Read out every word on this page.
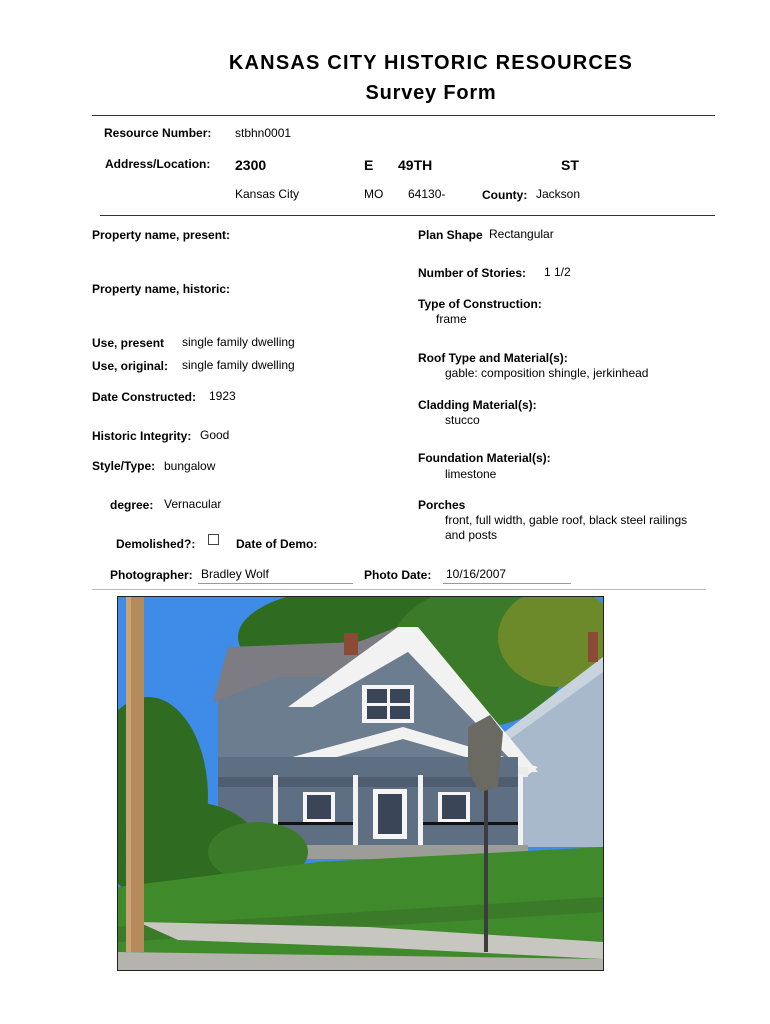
KANSAS CITY HISTORIC RESOURCES
Survey Form
Resource Number: stbhn0001
Address/Location: 2300	E 49TH	ST
Kansas City	MO 64130-	County: Jackson
Property name, present:
Property name, historic:
Use, present single family dwelling
Use, original: single family dwelling
Date Constructed: 1923
Historic Integrity: Good
Style/Type: bungalow
degree: Vernacular
Demolished?:	Date of Demo:
Photographer: Bradley Wolf
Plan Shape Rectangular
Number of Stories: 1 1/2
Type of Construction:
frame
Roof Type and Material(s):
gable: composition shingle, jerkinhead
Cladding Material(s):
stucco
Foundation Material(s):
limestone
Porches
front, full width, gable roof, black steel railings
and posts
Photo Date: 10/16/2007
